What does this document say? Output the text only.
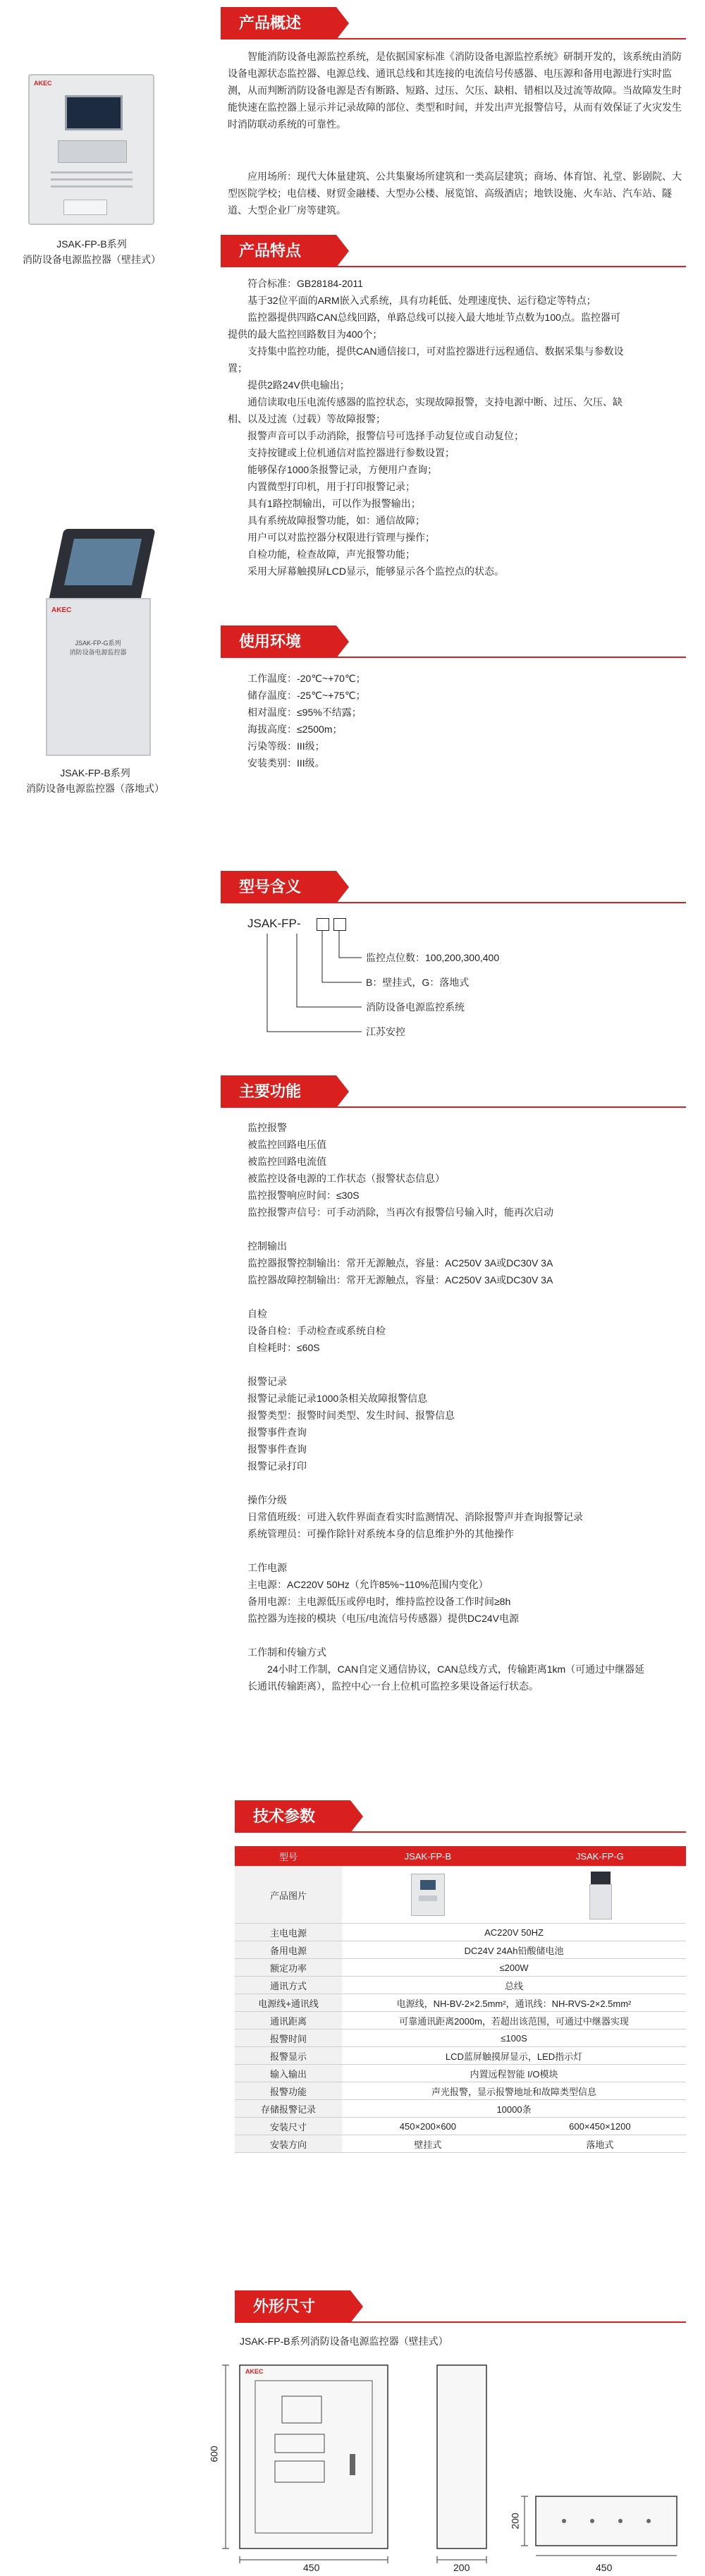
产品概述
AKEC
JSAK-FP-B系列
消防设备电源监控器（壁挂式）
智能消防设备电源监控系统，是依据国家标准《消防设备电源监控系统》研制开发的，该系统由消防设备电源状态监控器、电源总线、通讯总线和其连接的电流信号传感器、电压源和备用电源进行实时监测，从而判断消防设备电源是否有断路、短路、过压、欠压、缺相、错相以及过流等故障。当故障发生时能快速在监控器上显示并记录故障的部位、类型和时间，并发出声光报警信号，从而有效保证了火灾发生时消防联动系统的可靠性。
应用场所：现代大体量建筑、公共集聚场所建筑和一类高层建筑；商场、体育馆、礼堂、影剧院、大型医院学校；电信楼、财贸金融楼、大型办公楼、展览馆、高级酒店；地铁设施、火车站、汽车站、隧道、大型企业厂房等建筑。
产品特点
符合标准：GB28184-2011
基于32位平面的ARM嵌入式系统，具有功耗低、处理速度快、运行稳定等特点；
监控器提供四路CAN总线回路，单路总线可以接入最大地址节点数为100点。监控器可
提供的最大监控回路数目为400个；
支持集中监控功能，提供CAN通信接口，可对监控器进行远程通信、数据采集与参数设
置；
提供2路24V供电输出；
通信读取电压电流传感器的监控状态，实现故障报警，支持电源中断、过压、欠压、缺
相、以及过流（过载）等故障报警；
报警声音可以手动消除，报警信号可选择手动复位或自动复位；
支持按键或上位机通信对监控器进行参数设置；
能够保存1000条报警记录，方便用户查询；
内置微型打印机，用于打印报警记录；
具有1路控制输出，可以作为报警输出；
具有系统故障报警功能，如：通信故障；
用户可以对监控器分权限进行管理与操作；
自检功能，检查故障，声光报警功能；
采用大屏幕触摸屏LCD显示，能够显示各个监控点的状态。
AKEC
JSAK-FP-G系列
消防设备电源监控器
JSAK-FP-B系列
消防设备电源监控器（落地式）
使用环境
工作温度：-20℃~+70℃；
储存温度：-25℃~+75℃；
相对温度：≤95%不结露；
海拔高度：≤2500m；
污染等级：III级；
安装类别：III级。
型号含义
JSAK-FP-
监控点位数：100,200,300,400
B：壁挂式，G：落地式
消防设备电源监控系统
江苏安控
主要功能
监控报警
被监控回路电压值
被监控回路电流值
被监控设备电源的工作状态（报警状态信息）
监控报警响应时间：≤30S
监控报警声信号：可手动消除，当再次有报警信号输入时，能再次启动
控制输出
监控器报警控制输出：常开无源触点，容量：AC250V 3A或DC30V 3A
监控器故障控制输出：常开无源触点，容量：AC250V 3A或DC30V 3A
自检
设备自检：手动检查或系统自检
自检耗时：≤60S
报警记录
报警记录能记录1000条相关故障报警信息
报警类型：报警时间类型、发生时间、报警信息
报警事件查询
报警事件查询
报警记录打印
操作分级
日常值班级：可进入软件界面查看实时监测情况、消除报警声并查询报警记录
系统管理员：可操作除针对系统本身的信息维护外的其他操作
工作电源
主电源：AC220V 50Hz（允许85%~110%范围内变化）
备用电源：主电源低压或停电时，维持监控设备工作时间≥8h
监控器为连接的模块（电压/电流信号传感器）提供DC24V电源
工作制和传输方式
24小时工作制，CAN自定义通信协议，CAN总线方式，传输距离1km（可通过中继器延
长通讯传输距离），监控中心一台上位机可监控多果设备运行状态。
技术参数
型号	JSAK-FP-B	JSAK-FP-G
产品图片	

主电电源	AC220V 50HZ	
备用电源	DC24V 24Ah铅酸储电池	
额定功率	≤200W	
通讯方式	总线	
电源线+通讯线	电源线，NH-BV-2×2.5mm²，通讯线：NH-RVS-2×2.5mm²	
通讯距离	可靠通讯距离2000m，若超出该范围，可通过中继器实现	
报警时间	≤100S	
报警显示	LCD蓝屏触摸屏显示，LED指示灯	
输入输出	内置远程智能 I/O模块	
报警功能	声光报警，显示报警地址和故障类型信息	
存储报警记录	10000条	
安装尺寸	450×200×600	600×450×1200
安装方向	壁挂式	落地式
外形尺寸
JSAK-FP-B系列消防设备电源监控器（壁挂式）
AKEC
600
450	200
200
450
